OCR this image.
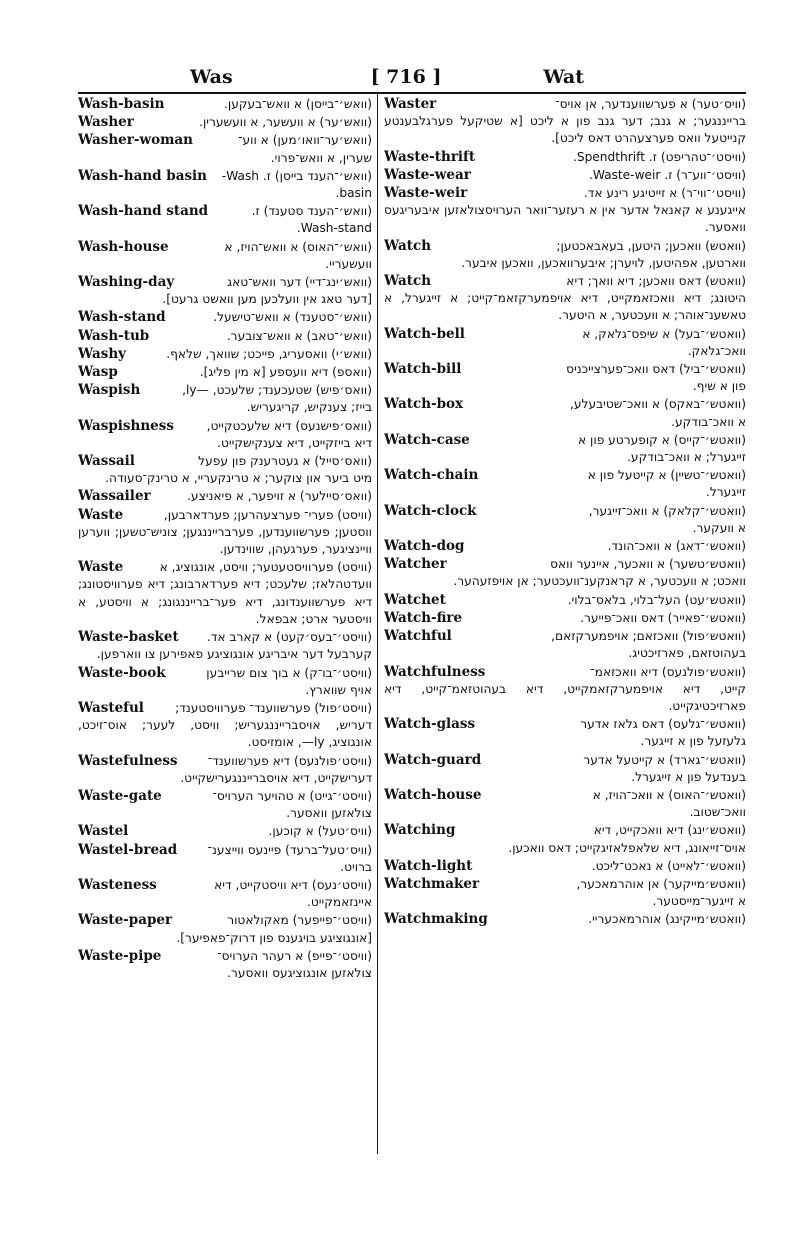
Was	[ 716 ]	Wat
Wash-basin	(וואש׳־בייסן) א וואש־בעקען.
Washer	(וואש׳ער) א וועשער, א וועשערין.
Washer-woman	(וואש׳ער־וואו׳מען) א ווע־
שערין, א וואש־פרוי.
Wash-hand basin (וואש׳־הענד בייסן) ז. Wash-
basin.
Wash-hand stand	(וואש׳־הענד סטענד) ז.
Wash-stand.
Wash-house	(וואש׳־האוס) א וואש־הויז, א
וועשעריי.
Washing-day	(וואש׳ינג־דיי) דער וואש־טאג
[דער טאג אין וועלכען מען וואשט גרעט].
Wash-stand	(וואש׳־סטענד) א וואש־טישעל.
Wash-tub	(וואש׳־טאב) א וואש־צובער.
Washy	(וואש׳י) וואסעריג, פייכט; שוואך, שלאף.
Wasp	(וואספ) דיא וועספע [א מין פליג].
Waspish	(וואס׳פיש) שטעכענד; שלעכט, —ly,
בייז; צענקיש, קריגעריש.
Waspishness	(וואס׳פישנעס) דיא שלעכטקייט,
דיא בייזקייט, דיא צענקישקייט.
Wassail	(וואס׳סייל) א געטרענק פון עפעל
מיט ביער און צוקער; א טרינקעריי, א טרינק־סעודה.
Wassailer	(וואס׳סיילער) א זויפער, א פיאניצע.
Waste	(וויסט) פערי־ פערצעהרען; פערדארבען,
ווסטען; פערשווענדען, פערברייננגען; צוניש־טשען; ווערען וויינציגער, פערגעהן, שווינדען.
Waste	(וויסט) פערוויסטעטער; וויסט, אונגוציג, א
וועדטהלאז; שלעכט; דיא פערדארבונג; דיא פערוויסטונג; דיא פערשווענדונג, דיא פער־ברייננגונג; א וויסטע, א וויסטער ארט; אבפאל.
Waste-basket (וויסט׳־בעס׳קעט) א קארב אד.
קערבעל דער איבריגע אונגוציגע פאפירען צו ווארפען.
Waste-book	(וויסט׳־בו־ק) א בוך צום שרייבען
אויף שווארץ.
Wasteful	(וויסט׳פול) פערשווענד־ פערוויסטענד;
דעריש, אויסברייננגעריש; וויסט, לעער; אוס־זיכט, אונגוציג, ly—, אומזיסט.
Wastefulness (וויסט׳פולנעס) דיא פערשווענד־
דערישקייט, דיא אויסברייננגערישקייט.
Waste-gate	(וויסט׳־גייט) א טהויער הערויס־
צולאזען וואסער.
Wastel	(וויס׳טעל) א קוכען.
Wastel-bread (וויס׳טעל־ברעד) פיינעס ווייצענ־
ברויט.
Wasteness	(וויסט׳נעס) דיא וויסטקייט, דיא
איינזאמקייט.
Waste-paper	(וויסט׳־פייפער) מאקולאטור
[אונגוציגע בויגענס פון דרוק־פאפיער].
Waste-pipe	(וויסט׳־פייפ) א רעהר הערויס־
צולאזען אונגוציגעס וואסער.
Waster	(וויס׳טער) א פערשווענדער, אן אויס־
ברייננגער; א גנב; דער גנב פון א ליכט [א שטיקעל פערגלבענטע קנייטעל וואס פערצעהרט דאס ליכט].
Waste-thrift	(וויסט׳־טהריפט) ז. Spendthrift.
Waste-wear	(וויסט׳־ווע־ר) ז. Waste-weir.
Waste-weir	(וויסט׳־ווי־ר) א זייטיגע רינע אד.
אייגענע א קאנאל אדער אין א רעזער־וואר הערויסצולאזען איבעריגעס וואסער.
Watch	(וואטש) וואכען; היטען, בעאבאכטען;
ווארטען, אפהיטען, לויערן; איבערוואכען, וואכען איבער.
Watch	(וואטש) דאס וואכען; דיא וואך; דיא
היטונג; דיא וואכזאמקייט, דיא אויפמערקזאמ־קייט; א זייגערל, א טאשענ־אוהר; א וועכטער, א היטער.
Watch-bell	(וואטש׳־בעל) א שיפס־גלאק, א
וואכ־גלאק.
Watch-bill	(וואטש׳־ביל) דאס וואכ־פערצייכניס
פון א שיף.
Watch-box	(וואטש׳־באקס) א וואכ־שטיבעלע,
א וואכ־בודקע.
Watch-case	(וואטש׳־קייס) א קופערטע פון א
זייגערל; א וואכ־בודקע.
Watch-chain	(וואטש׳־טשיין) א קייטעל פון א
זייגערל.
Watch-clock	(וואטש׳־קלאק) א וואכ־זייגער,
א וועקער.
Watch-dog	(וואטש׳־דאג) א וואכ־הונד.
Watcher	(וואטש׳טשער) א וואכער, איינער וואס
וואכט; א וועכטער, א קראנקענ־וועכטער; אן אויפזעהער.
Watchet	(וואטש׳עט) העל־בלוי, בלאס־בלוי.
Watch-fire	(וואטש׳־פאייר) דאס וואכ־פייער.
Watchful	(וואטש׳פול) וואכזאם; אויפמערקזאם,
בעהוטזאם, פארזיכטיג.
Watchfulness	(וואטש׳פולנעס) דיא וואכזאמ־
קייט, דיא אויפמערקזאמקייט, דיא בעהוטזאמ־קייט, דיא פארזיכטיגקייט.
Watch-glass	(וואטש׳־גלעס) דאס גלאז אדער
גלעזעל פון א זייגער.
Watch-guard	(וואטש׳־גארד) א קייטעל אדער
בענדעל פון א זייגערל.
Watch-house	(וואטש׳־האוס) א וואכ־הויז, א
וואכ־שטוב.
Watching	(וואטש׳ינג) דיא וואכקייט, דיא
אויס־זייאונג, דיא שלאפלאזיגקייט; דאס וואכען.
Watch-light	(וואטש׳־לאייט) א נאכט־ליכט.
Watchmaker	(וואטש׳מייקער) אן אוהרמאכער,
א זייגער־מייסטער.
Watchmaking	(וואטש׳מייקינג) אוהרמאכעריי.
